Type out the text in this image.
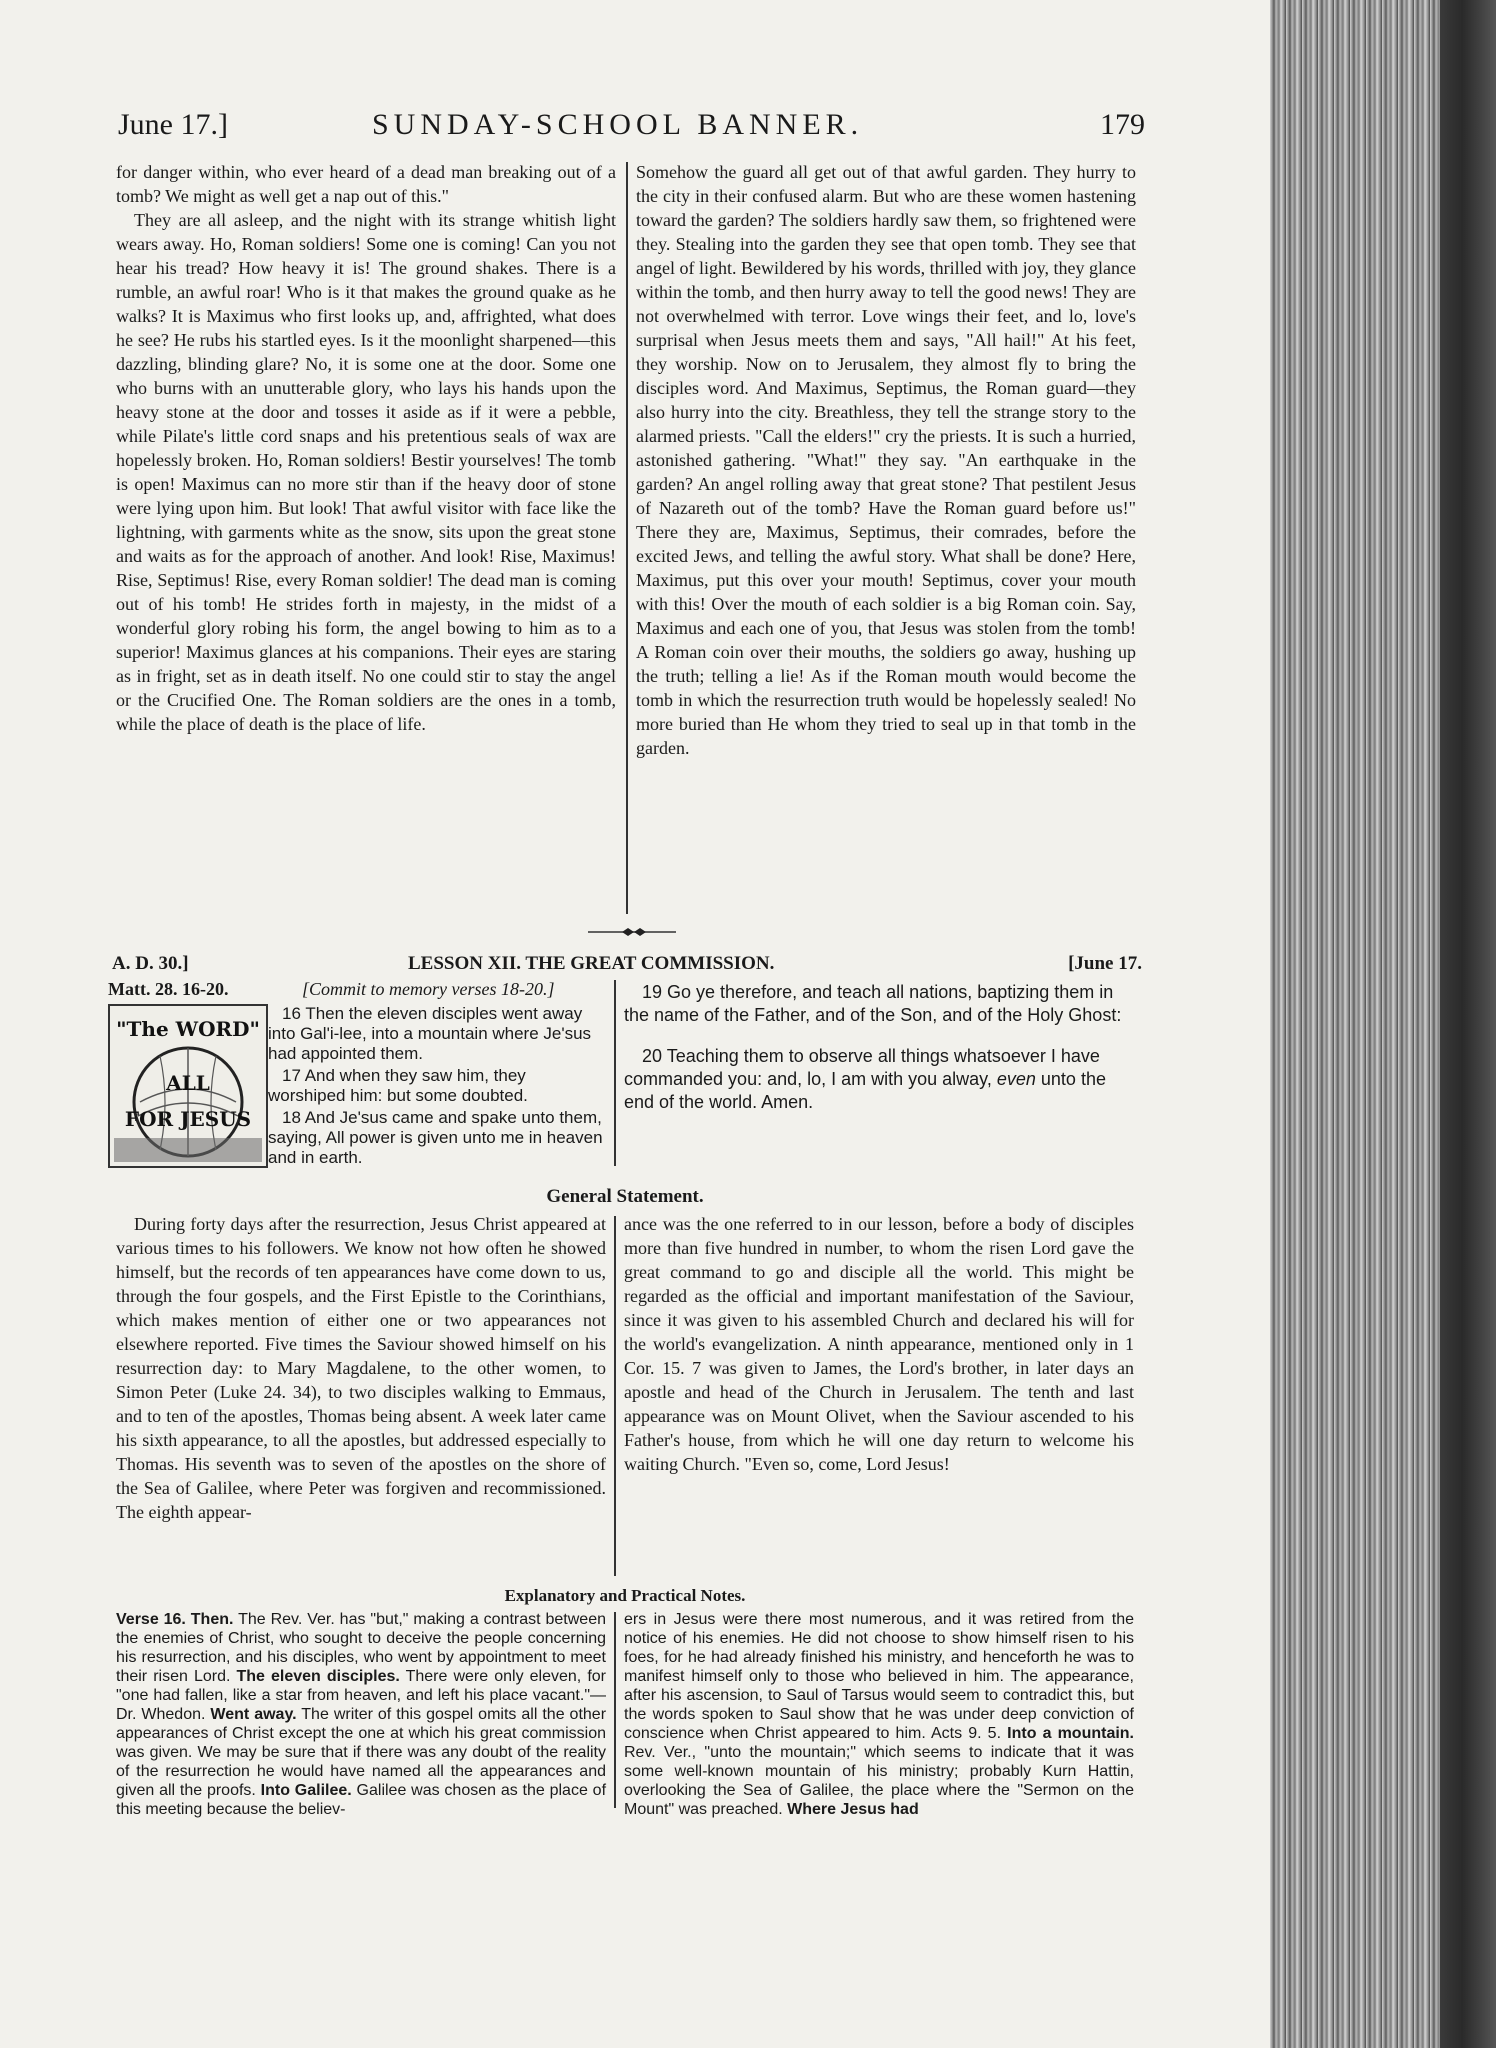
June 17.]	SUNDAY-SCHOOL BANNER.	179

for danger within, who ever heard of a dead man breaking out of a tomb? We might as well get a nap out of this."

They are all asleep, and the night with its strange whitish light wears away. Ho, Roman soldiers! Some one is coming! Can you not hear his tread? How heavy it is! The ground shakes. There is a rumble, an awful roar! Who is it that makes the ground quake as he walks? It is Maximus who first looks up, and, affrighted, what does he see? He rubs his startled eyes. Is it the moonlight sharpened—this dazzling, blinding glare? No, it is some one at the door. Some one who burns with an unutterable glory, who lays his hands upon the heavy stone at the door and tosses it aside as if it were a pebble, while Pilate's little cord snaps and his pretentious seals of wax are hopelessly broken. Ho, Roman soldiers! Bestir yourselves! The tomb is open! Maximus can no more stir than if the heavy door of stone were lying upon him. But look! That awful visitor with face like the lightning, with garments white as the snow, sits upon the great stone and waits as for the approach of another. And look! Rise, Maximus! Rise, Septimus! Rise, every Roman soldier! The dead man is coming out of his tomb! He strides forth in majesty, in the midst of a wonderful glory robing his form, the angel bowing to him as to a superior! Maximus glances at his companions. Their eyes are staring as in fright, set as in death itself. No one could stir to stay the angel or the Crucified One. The Roman soldiers are the ones in a tomb, while the place of death is the place of life.

Somehow the guard all get out of that awful garden. They hurry to the city in their confused alarm. But who are these women hastening toward the garden? The soldiers hardly saw them, so frightened were they. Stealing into the garden they see that open tomb. They see that angel of light. Bewildered by his words, thrilled with joy, they glance within the tomb, and then hurry away to tell the good news! They are not overwhelmed with terror. Love wings their feet, and lo, love's surprisal when Jesus meets them and says, "All hail!" At his feet, they worship. Now on to Jerusalem, they almost fly to bring the disciples word. And Maximus, Septimus, the Roman guard—they also hurry into the city. Breathless, they tell the strange story to the alarmed priests. "Call the elders!" cry the priests. It is such a hurried, astonished gathering. "What!" they say. "An earthquake in the garden? An angel rolling away that great stone? That pestilent Jesus of Nazareth out of the tomb? Have the Roman guard before us!" There they are, Maximus, Septimus, their comrades, before the excited Jews, and telling the awful story. What shall be done? Here, Maximus, put this over your mouth! Septimus, cover your mouth with this! Over the mouth of each soldier is a big Roman coin. Say, Maximus and each one of you, that Jesus was stolen from the tomb! A Roman coin over their mouths, the soldiers go away, hushing up the truth; telling a lie! As if the Roman mouth would become the tomb in which the resurrection truth would be hopelessly sealed! No more buried than He whom they tried to seal up in that tomb in the garden.

A. D. 30.]	LESSON XII. THE GREAT COMMISSION.	[June 17.
Matt. 28. 16-20.	[Commit to memory verses 18-20.]
"The WORD"
ALL
FOR JESUS

16 Then the eleven disciples went away into Gal'i-lee, into a mountain where Je'sus had appointed them.

17 And when they saw him, they worshiped him: but some doubted.

18 And Je'sus came and spake unto them, saying, All power is given unto me in heaven and in earth.

19 Go ye therefore, and teach all nations, baptizing them in the name of the Father, and of the Son, and of the Holy Ghost:

20 Teaching them to observe all things whatsoever I have commanded you: and, lo, I am with you alway, even unto the end of the world. Amen.

General Statement.

During forty days after the resurrection, Jesus Christ appeared at various times to his followers. We know not how often he showed himself, but the records of ten appearances have come down to us, through the four gospels, and the First Epistle to the Corinthians, which makes mention of either one or two appearances not elsewhere reported. Five times the Saviour showed himself on his resurrection day: to Mary Magdalene, to the other women, to Simon Peter (Luke 24. 34), to two disciples walking to Emmaus, and to ten of the apostles, Thomas being absent. A week later came his sixth appearance, to all the apostles, but addressed especially to Thomas. His seventh was to seven of the apostles on the shore of the Sea of Galilee, where Peter was forgiven and recommissioned. The eighth appear-

ance was the one referred to in our lesson, before a body of disciples more than five hundred in number, to whom the risen Lord gave the great command to go and disciple all the world. This might be regarded as the official and important manifestation of the Saviour, since it was given to his assembled Church and declared his will for the world's evangelization. A ninth appearance, mentioned only in 1 Cor. 15. 7 was given to James, the Lord's brother, in later days an apostle and head of the Church in Jerusalem. The tenth and last appearance was on Mount Olivet, when the Saviour ascended to his Father's house, from which he will one day return to welcome his waiting Church. "Even so, come, Lord Jesus!

Explanatory and Practical Notes.

Verse 16. Then. The Rev. Ver. has "but," making a contrast between the enemies of Christ, who sought to deceive the people concerning his resurrection, and his disciples, who went by appointment to meet their risen Lord. The eleven disciples. There were only eleven, for "one had fallen, like a star from heaven, and left his place vacant."—Dr. Whedon. Went away. The writer of this gospel omits all the other appearances of Christ except the one at which his great commission was given. We may be sure that if there was any doubt of the reality of the resurrection he would have named all the appearances and given all the proofs. Into Galilee. Galilee was chosen as the place of this meeting because the believ-

ers in Jesus were there most numerous, and it was retired from the notice of his enemies. He did not choose to show himself risen to his foes, for he had already finished his ministry, and henceforth he was to manifest himself only to those who believed in him. The appearance, after his ascension, to Saul of Tarsus would seem to contradict this, but the words spoken to Saul show that he was under deep conviction of conscience when Christ appeared to him. Acts 9. 5. Into a mountain. Rev. Ver., "unto the mountain;" which seems to indicate that it was some well-known mountain of his ministry; probably Kurn Hattin, overlooking the Sea of Galilee, the place where the "Sermon on the Mount" was preached. Where Jesus had
